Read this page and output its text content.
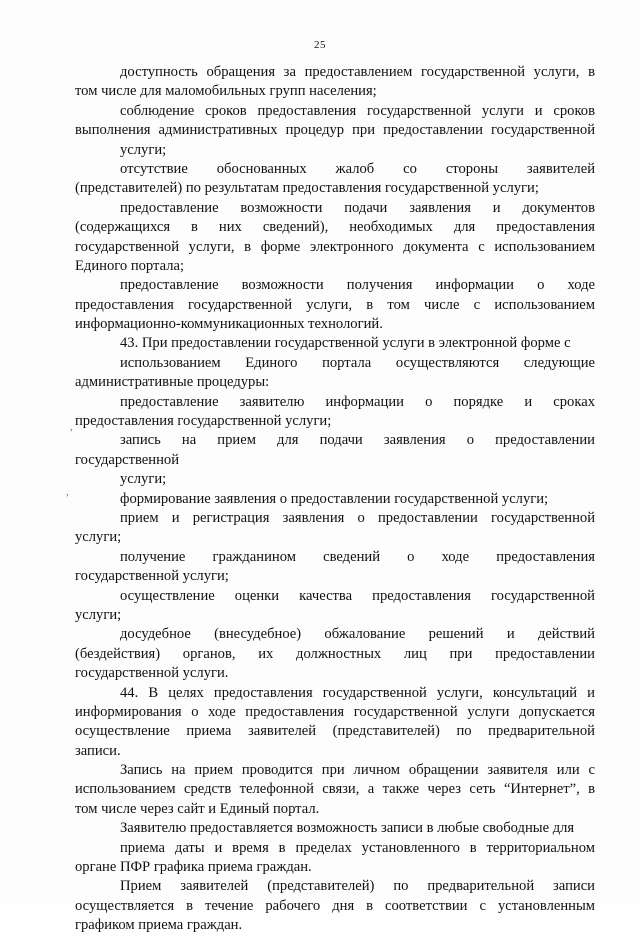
25
доступность обращения за предоставлением государственной услуги, в
том числе для маломобильных групп населения;
соблюдение сроков предоставления государственной услуги и сроков
выполнения административных процедур при предоставлении государственной
услуги;
отсутствие обоснованных жалоб со стороны заявителей
(представителей) по результатам предоставления государственной услуги;
предоставление возможности подачи заявления и документов
(содержащихся в них сведений), необходимых для предоставления
государственной услуги, в форме электронного документа с использованием
Единого портала;
предоставление возможности получения информации о ходе
предоставления государственной услуги, в том числе с использованием
информационно-коммуникационных технологий.
43. При предоставлении государственной услуги в электронной форме с
использованием Единого портала осуществляются следующие
административные процедуры:
предоставление заявителю информации о порядке и сроках
предоставления государственной услуги;
запись на прием для подачи заявления о предоставлении
государственной
услуги;
формирование заявления о предоставлении государственной услуги;
прием и регистрация заявления о предоставлении государственной
услуги;
получение гражданином сведений о ходе предоставления
государственной услуги;
осуществление оценки качества предоставления государственной
услуги;
досудебное (внесудебное) обжалование решений и действий
(бездействия) органов, их должностных лиц при предоставлении
государственной услуги.
44. В целях предоставления государственной услуги, консультаций и
информирования о ходе предоставления государственной услуги допускается
осуществление приема заявителей (представителей) по предварительной
записи.
Запись на прием проводится при личном обращении заявителя или с
использованием средств телефонной связи, а также через сеть “Интернет”, в
том числе через сайт и Единый портал.
Заявителю предоставляется возможность записи в любые свободные для
приема даты и время в пределах установленного в территориальном
органе ПФР графика приема граждан.
Прием заявителей (представителей) по предварительной записи
осуществляется в течение рабочего дня в соответствии с установленным
графиком приема граждан.
,
,
